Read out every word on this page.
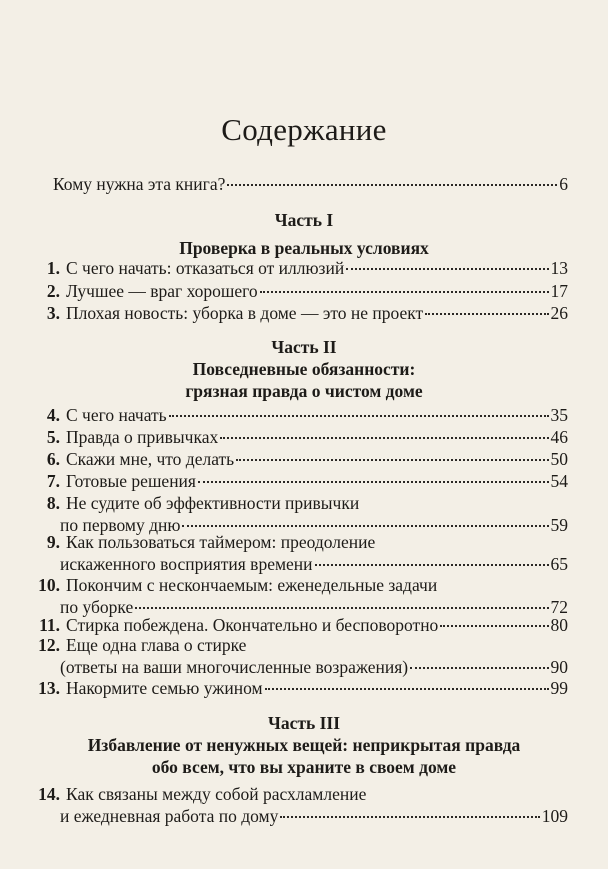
Содержание
Кому нужна эта книга?	6
Часть I
Проверка в реальных условиях
1. С чего начать: отказаться от иллюзий	13
2. Лучшее — враг хорошего	17
3. Плохая новость: уборка в доме — это не проект	26
Часть II
Повседневные обязанности:
грязная правда о чистом доме
4. С чего начать	35
5. Правда о привычках	46
6. Скажи мне, что делать	50
7. Готовые решения	54
8. Не судите об эффективности привычки
по первому дню	59
9. Как пользоваться таймером: преодоление
искаженного восприятия времени	65
10. Покончим с нескончаемым: еженедельные задачи
по уборке	72
11. Стирка побеждена. Окончательно и бесповоротно	80
12. Еще одна глава о стирке
(ответы на ваши многочисленные возражения)	90
13. Накормите семью ужином	99
Часть III
Избавление от ненужных вещей: неприкрытая правда
обо всем, что вы храните в своем доме
14. Как связаны между собой расхламление
и ежедневная работа по дому	109
